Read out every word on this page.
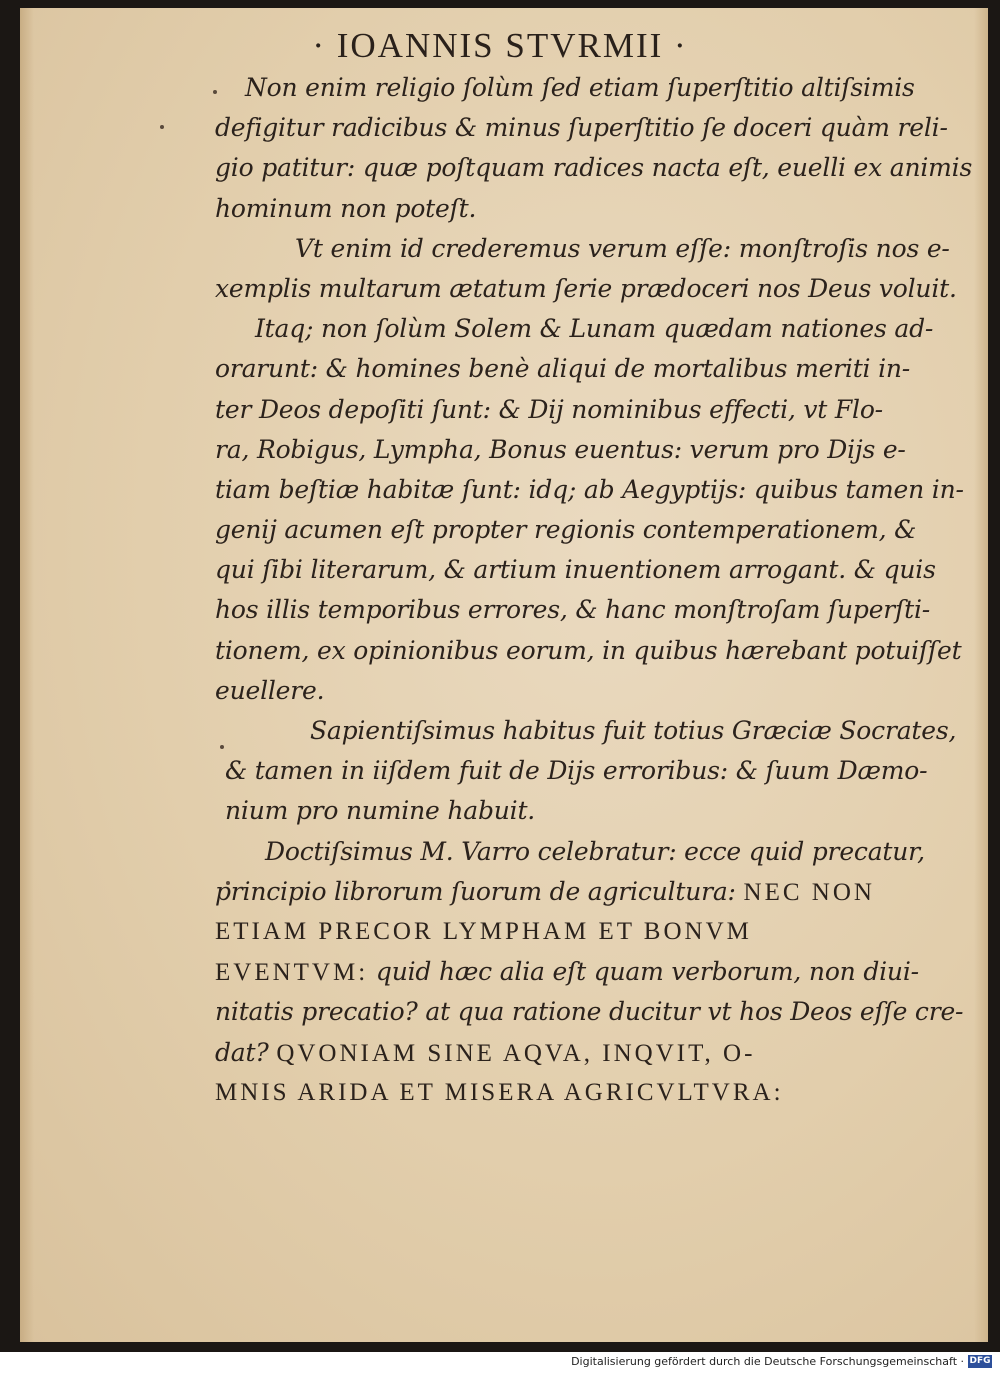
· IOANNIS STVRMII ·
Non enim religio ſolùm ſed etiam ſuperſtitio altiſsimis
defigitur radicibus & minus ſuperſtitio ſe doceri quàm reli-
gio patitur: quæ poſtquam radices nacta eſt, euelli ex animis
hominum non poteſt.
Vt enim id crederemus verum eſſe: monſtroſis nos e-
xemplis multarum ætatum ſerie prædoceri nos Deus voluit.
Itaq; non ſolùm Solem & Lunam quædam nationes ad-
orarunt: & homines benè aliqui de mortalibus meriti in-
ter Deos depoſiti ſunt: & Dij nominibus effecti, vt Flo-
ra, Robigus, Lympha, Bonus euentus: verum pro Dijs e-
tiam beſtiæ habitæ ſunt: idq; ab Aegyptijs: quibus tamen in-
genij acumen eſt propter regionis contemperationem, &
qui ſibi literarum, & artium inuentionem arrogant. & quis
hos illis temporibus errores, & hanc monſtroſam ſuperſti-
tionem, ex opinionibus eorum, in quibus hærebant potuiſſet
euellere.
Sapientiſsimus habitus fuit totius Græciæ Socrates,
& tamen in iiſdem fuit de Dijs erroribus: & ſuum Dæmo-
nium pro numine habuit.
Doctiſsimus M. Varro celebratur: ecce quid precatur,
principio librorum ſuorum de agricultura: NEC NON
ETIAM PRECOR LYMPHAM ET BONVM
EVENTVM: quid hæc alia eſt quam verborum, non diui-
nitatis precatio? at qua ratione ducitur vt hos Deos eſſe cre-
dat? QVONIAM SINE AQVA, INQVIT, O-
MNIS ARIDA ET MISERA AGRICVLTVRA:
Digitalisierung gefördert durch die Deutsche Forschungsgemeinschaft · DFG
